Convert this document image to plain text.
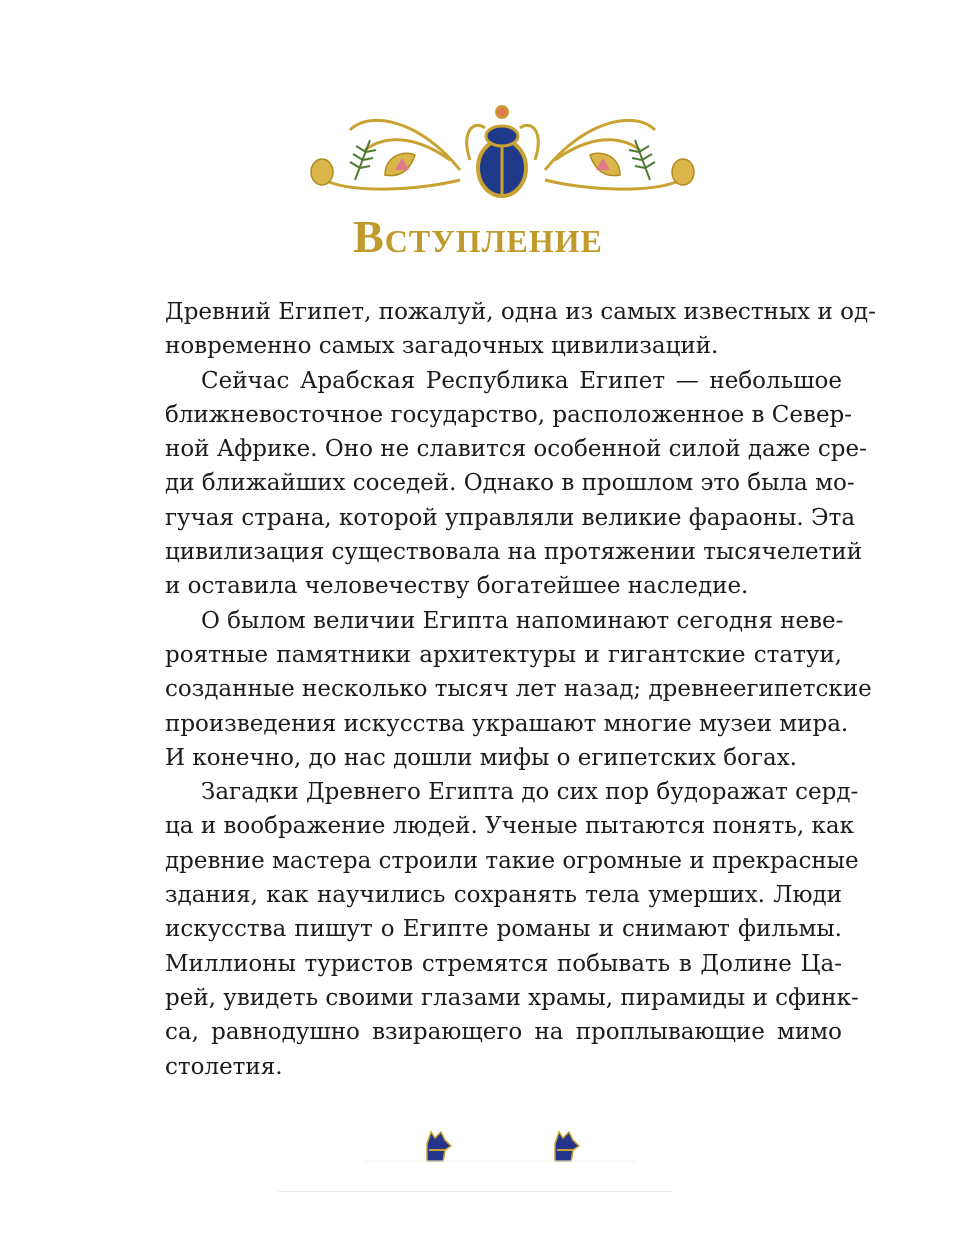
Вступление

Древний Египет, пожалуй, одна из самых известных и од-
новременно самых загадочных цивилизаций.

Сейчас Арабская Республика Египет — небольшое
ближневосточное государство, расположенное в Север-
ной Африке. Оно не славится особенной силой даже сре-
ди ближайших соседей. Однако в прошлом это была мо-
гучая страна, которой управляли великие фараоны. Эта
цивилизация существовала на протяжении тысячелетий
и оставила человечеству богатейшее наследие.

О былом величии Египта напоминают сегодня неве-
роятные памятники архитектуры и гигантские статуи,
созданные несколько тысяч лет назад; древнеегипетские
произведения искусства украшают многие музеи мира.
И конечно, до нас дошли мифы о египетских богах.

Загадки Древнего Египта до сих пор будоражат серд-
ца и воображение людей. Ученые пытаются понять, как
древние мастера строили такие огромные и прекрасные
здания, как научились сохранять тела умерших. Люди
искусства пишут о Египте романы и снимают фильмы.
Миллионы туристов стремятся побывать в Долине Ца-
рей, увидеть своими глазами храмы, пирамиды и сфинк-
са, равнодушно взирающего на проплывающие мимо
столетия.
